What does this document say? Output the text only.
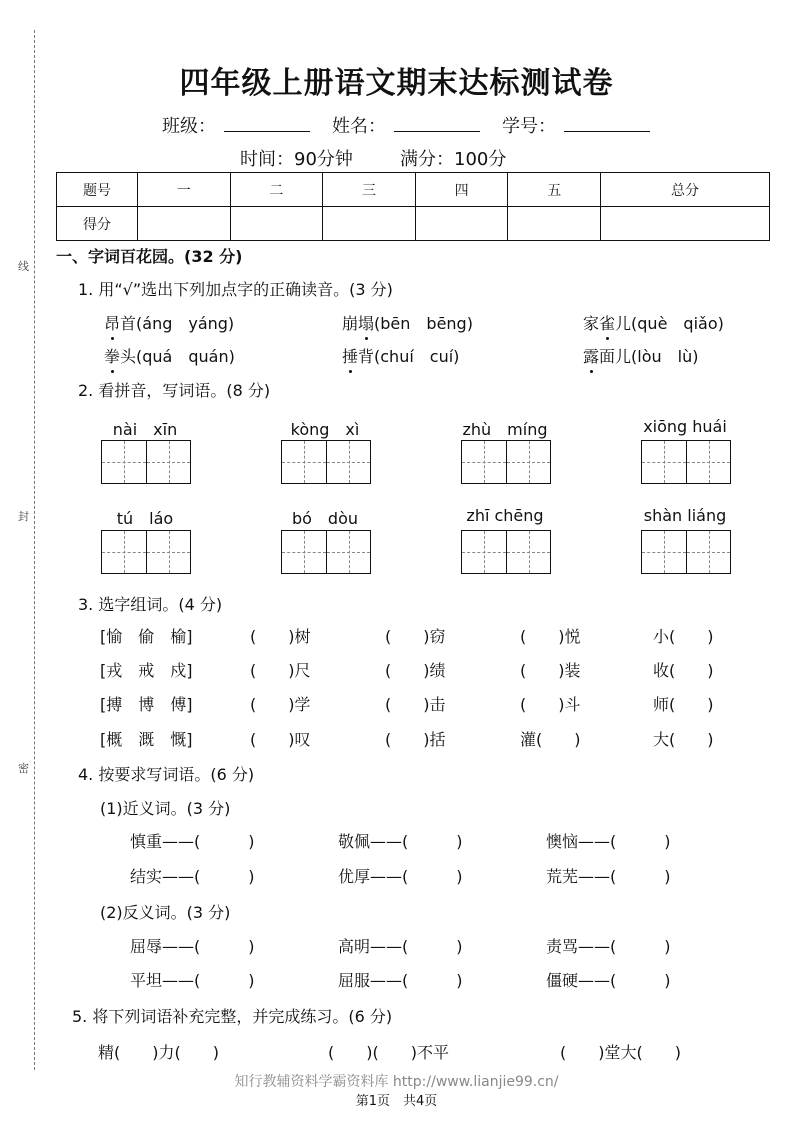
线
封
密
四年级上册语文期末达标测试卷
班级：	姓名：	学号：
时间：90分钟	满分：100分
题号	一	二	三	四	五	总分
得分						
一、字词百花园。(32 分)
1. 用“√”选出下列加点字的正确读音。(3 分)
昂首(áng　yáng)	崩塌(bēn　bēng)	家雀儿(què　qiǎo)
拳头(quá　quán)	捶背(chuí　cuí)	露面儿(lòu　lù)
2. 看拼音，写词语。(8 分)
nài　xīn	kòng　xì	zhù　míng	xiōng huái
tú　láo	bó　dòu	zhī chēng	shàn liáng
3. 选字组词。(4 分)
[愉　偷　榆]	(　　)树	(　　)窃	(　　)悦	小(　　)
[戎　戒　戍]	(　　)尺	(　　)绩	(　　)装	收(　　)
[搏　博　傅]	(　　)学	(　　)击	(　　)斗	师(　　)
[概　溉　慨]	(　　)叹	(　　)括	灌(　　)	大(　　)
4. 按要求写词语。(6 分)
(1)近义词。(3 分)
慎重——(　　　)	敬佩——(　　　)	懊恼——(　　　)
结实——(　　　)	优厚——(　　　)	荒芜——(　　　)
(2)反义词。(3 分)
屈辱——(　　　)	高明——(　　　)	责骂——(　　　)
平坦——(　　　)	屈服——(　　　)	僵硬——(　　　)
5. 将下列词语补充完整，并完成练习。(6 分)
精(　　)力(　　)	(　　)(　　)不平	(　　)堂大(　　)
知行教辅资料学霸资料库 http://www.lianjie99.cn/
第1页　共4页
